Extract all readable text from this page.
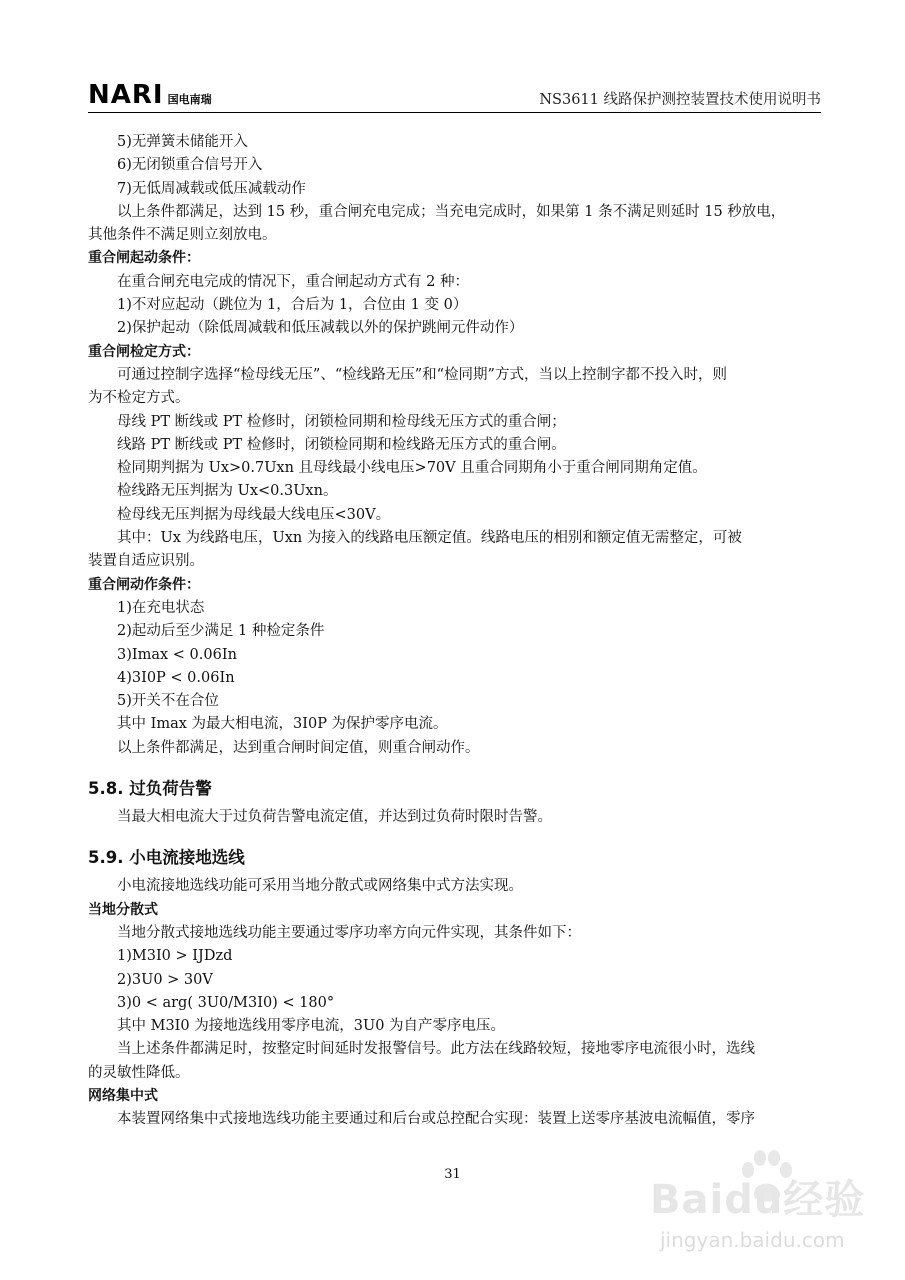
NARI 国电南瑞	NS3611 线路保护测控装置技术使用说明书
5)无弹簧未储能开入
6)无闭锁重合信号开入
7)无低周减载或低压减载动作
以上条件都满足，达到 15 秒，重合闸充电完成；当充电完成时，如果第 1 条不满足则延时 15 秒放电，
其他条件不满足则立刻放电。
重合闸起动条件：
在重合闸充电完成的情况下，重合闸起动方式有 2 种：
1)不对应起动（跳位为 1，合后为 1，合位由 1 变 0）
2)保护起动（除低周减载和低压减载以外的保护跳闸元件动作）
重合闸检定方式：
可通过控制字选择“检母线无压”、“检线路无压”和“检同期”方式，当以上控制字都不投入时，则
为不检定方式。
母线 PT 断线或 PT 检修时，闭锁检同期和检母线无压方式的重合闸；
线路 PT 断线或 PT 检修时，闭锁检同期和检线路无压方式的重合闸。
检同期判据为 Ux>0.7Uxn 且母线最小线电压>70V 且重合同期角小于重合闸同期角定值。
检线路无压判据为 Ux<0.3Uxn。
检母线无压判据为母线最大线电压<30V。
其中：Ux 为线路电压，Uxn 为接入的线路电压额定值。线路电压的相别和额定值无需整定，可被
装置自适应识别。
重合闸动作条件：
1)在充电状态
2)起动后至少满足 1 种检定条件
3)Imax < 0.06In
4)3I0P < 0.06In
5)开关不在合位
其中 Imax 为最大相电流，3I0P 为保护零序电流。
以上条件都满足，达到重合闸时间定值，则重合闸动作。
5.8. 过负荷告警
当最大相电流大于过负荷告警电流定值，并达到过负荷时限时告警。
5.9. 小电流接地选线
小电流接地选线功能可采用当地分散式或网络集中式方法实现。
当地分散式
当地分散式接地选线功能主要通过零序功率方向元件实现，其条件如下：
1)M3I0 > IJDzd
2)3U0 > 30V
3)0 < arg( 3U0/M3I0) < 180°
其中 M3I0 为接地选线用零序电流，3U0 为自产零序电压。
当上述条件都满足时，按整定时间延时发报警信号。此方法在线路较短，接地零序电流很小时，选线
的灵敏性降低。
网络集中式
本装置网络集中式接地选线功能主要通过和后台或总控配合实现：装置上送零序基波电流幅值，零序
31
Baidu经验
jingyan.baidu.com
